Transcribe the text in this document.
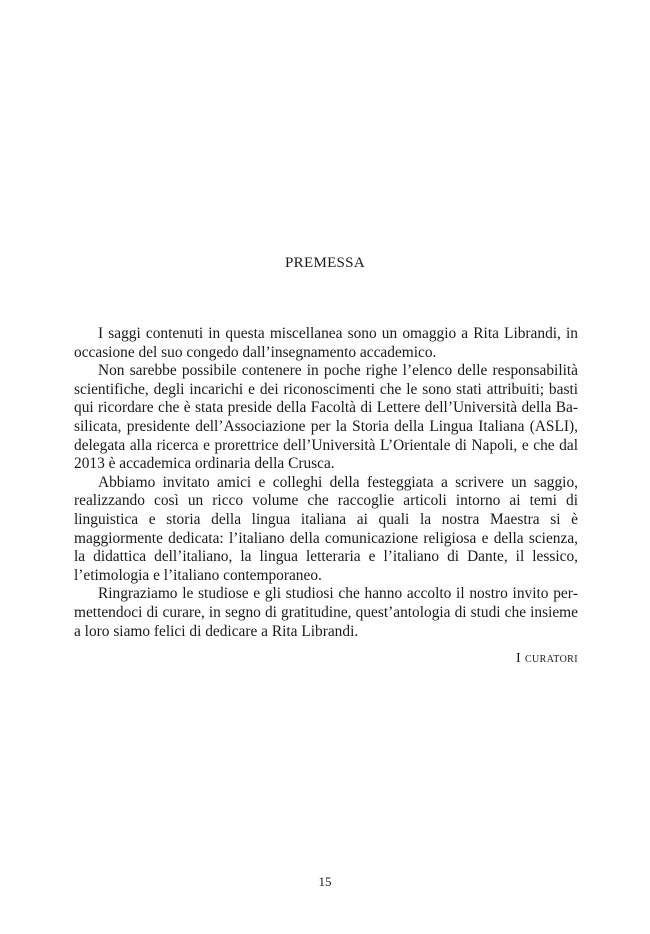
PREMESSA

I saggi contenuti in questa miscellanea sono un omaggio a Rita Librandi, in occasione del suo congedo dall’insegnamento accademico.

Non sarebbe possibile contenere in poche righe l’elenco delle responsabilità scientifiche, degli incarichi e dei riconoscimenti che le sono stati attribuiti; basti qui ricordare che è stata preside della Facoltà di Lettere dell’Università della Basilicata, presidente dell’Associazione per la Storia della Lingua Italiana (ASLI), delegata alla ricerca e prorettrice dell’Università L’Orientale di Napoli, e che dal 2013 è accademica ordinaria della Crusca.

Abbiamo invitato amici e colleghi della festeggiata a scrivere un saggio, realizzando così un ricco volume che raccoglie articoli intorno ai temi di linguistica e storia della lingua italiana ai quali la nostra Maestra si è maggiormente dedicata: l’italiano della comunicazione religiosa e della scienza, la didattica dell’italiano, la lingua letteraria e l’italiano di Dante, il lessico, l’etimologia e l’italiano contemporaneo.

Ringraziamo le studiose e gli studiosi che hanno accolto il nostro invito permettendoci di curare, in segno di gratitudine, quest’antologia di studi che insieme a loro siamo felici di dedicare a Rita Librandi.

I curatori
15
